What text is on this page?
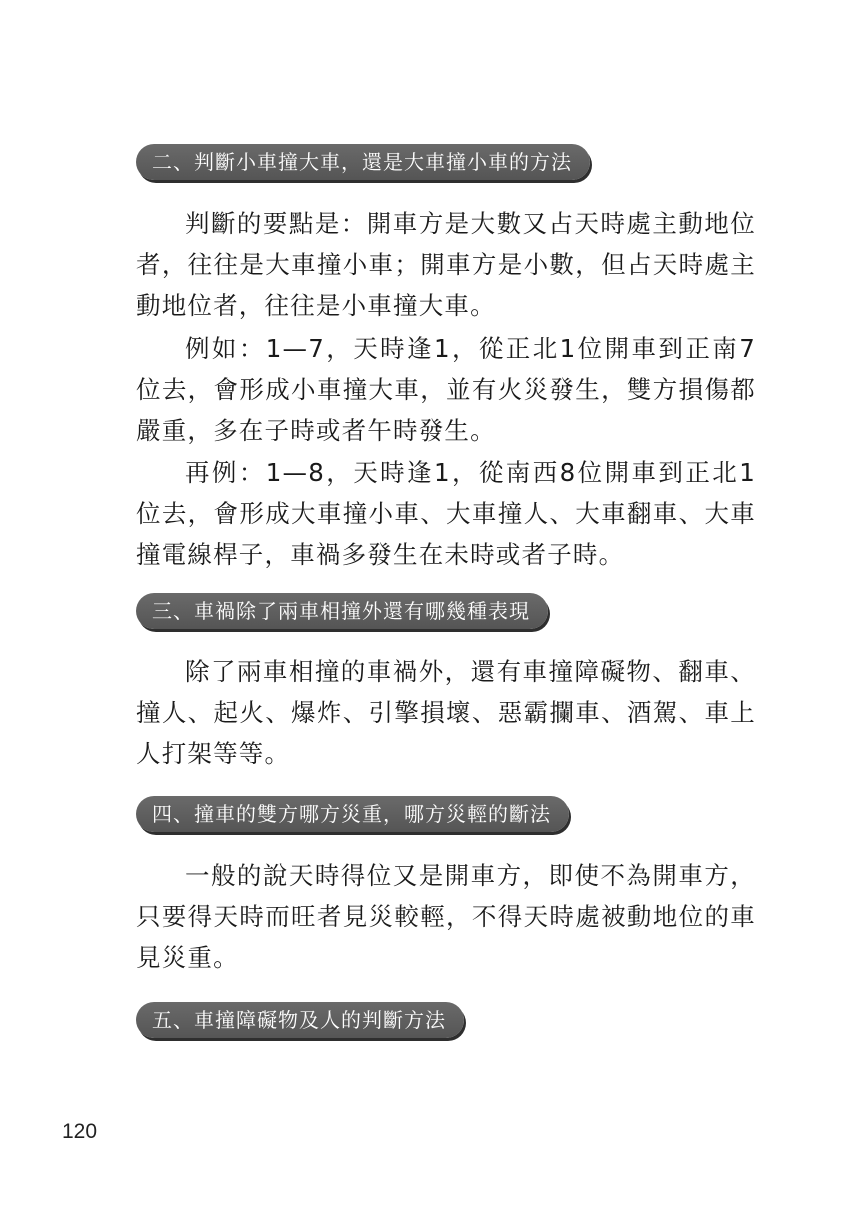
二、判斷小車撞大車，還是大車撞小車的方法

判斷的要點是：開車方是大數又占天時處主動地位者，往往是大車撞小車；開車方是小數，但占天時處主動地位者，往往是小車撞大車。

例如：1—7，天時逢1，從正北1位開車到正南7位去，會形成小車撞大車，並有火災發生，雙方損傷都嚴重，多在子時或者午時發生。

再例：1—8，天時逢1，從南西8位開車到正北1位去，會形成大車撞小車、大車撞人、大車翻車、大車撞電線桿子，車禍多發生在未時或者子時。

三、車禍除了兩車相撞外還有哪幾種表現

除了兩車相撞的車禍外，還有車撞障礙物、翻車、撞人、起火、爆炸、引擎損壞、惡霸攔車、酒駕、車上人打架等等。

四、撞車的雙方哪方災重，哪方災輕的斷法

一般的說天時得位又是開車方，即使不為開車方，只要得天時而旺者見災較輕，不得天時處被動地位的車見災重。

五、車撞障礙物及人的判斷方法
120
